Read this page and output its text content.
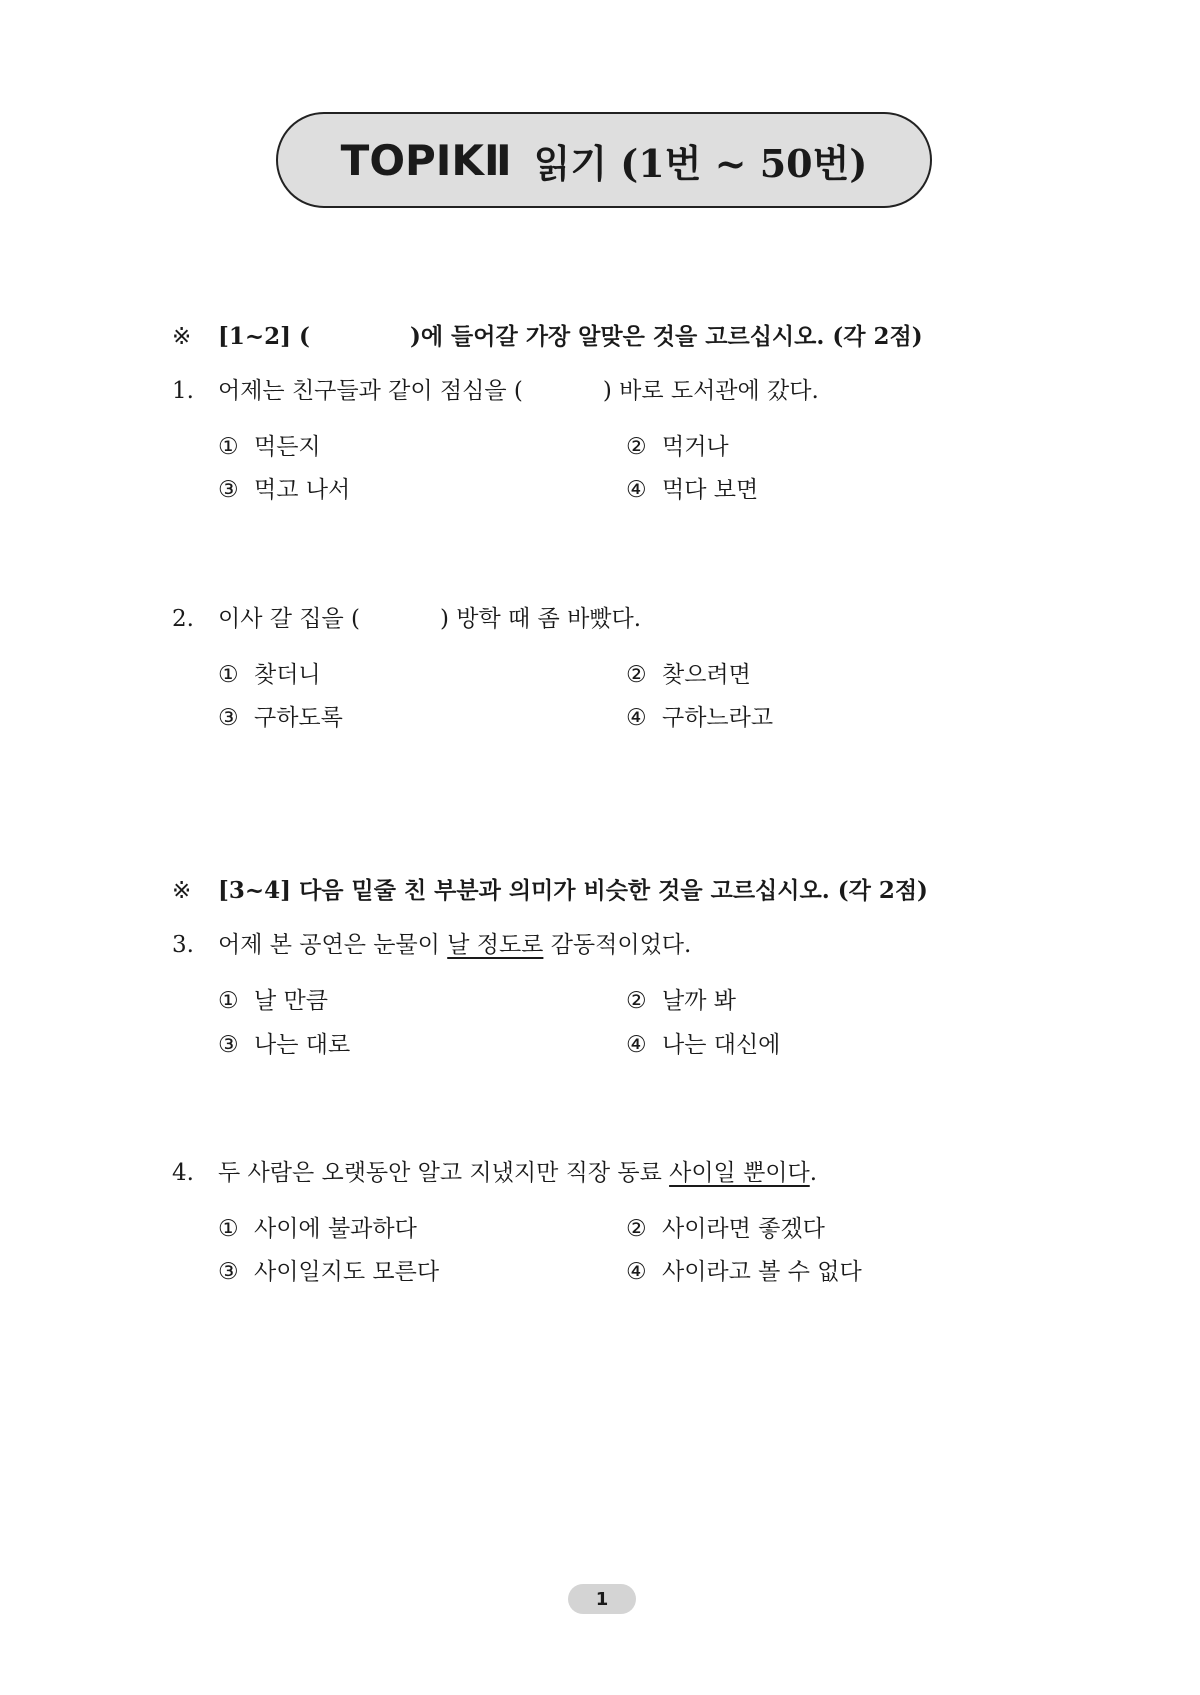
TOPIKⅡ 읽기 (1번 ~ 50번)
※ [1~2] (	)에 들어갈 가장 알맞은 것을 고르십시오. (각 2점)
1. 어제는 친구들과 같이 점심을 (	) 바로 도서관에 갔다.
① 먹든지	② 먹거나
③ 먹고 나서	④ 먹다 보면
2. 이사 갈 집을 (	) 방학 때 좀 바빴다.
① 찾더니	② 찾으려면
③ 구하도록	④ 구하느라고
※ [3~4] 다음 밑줄 친 부분과 의미가 비슷한 것을 고르십시오. (각 2점)
3. 어제 본 공연은 눈물이 날 정도로 감동적이었다.
① 날 만큼	② 날까 봐
③ 나는 대로	④ 나는 대신에
4. 두 사람은 오랫동안 알고 지냈지만 직장 동료 사이일 뿐이다.
① 사이에 불과하다	② 사이라면 좋겠다
③ 사이일지도 모른다	④ 사이라고 볼 수 없다
1
